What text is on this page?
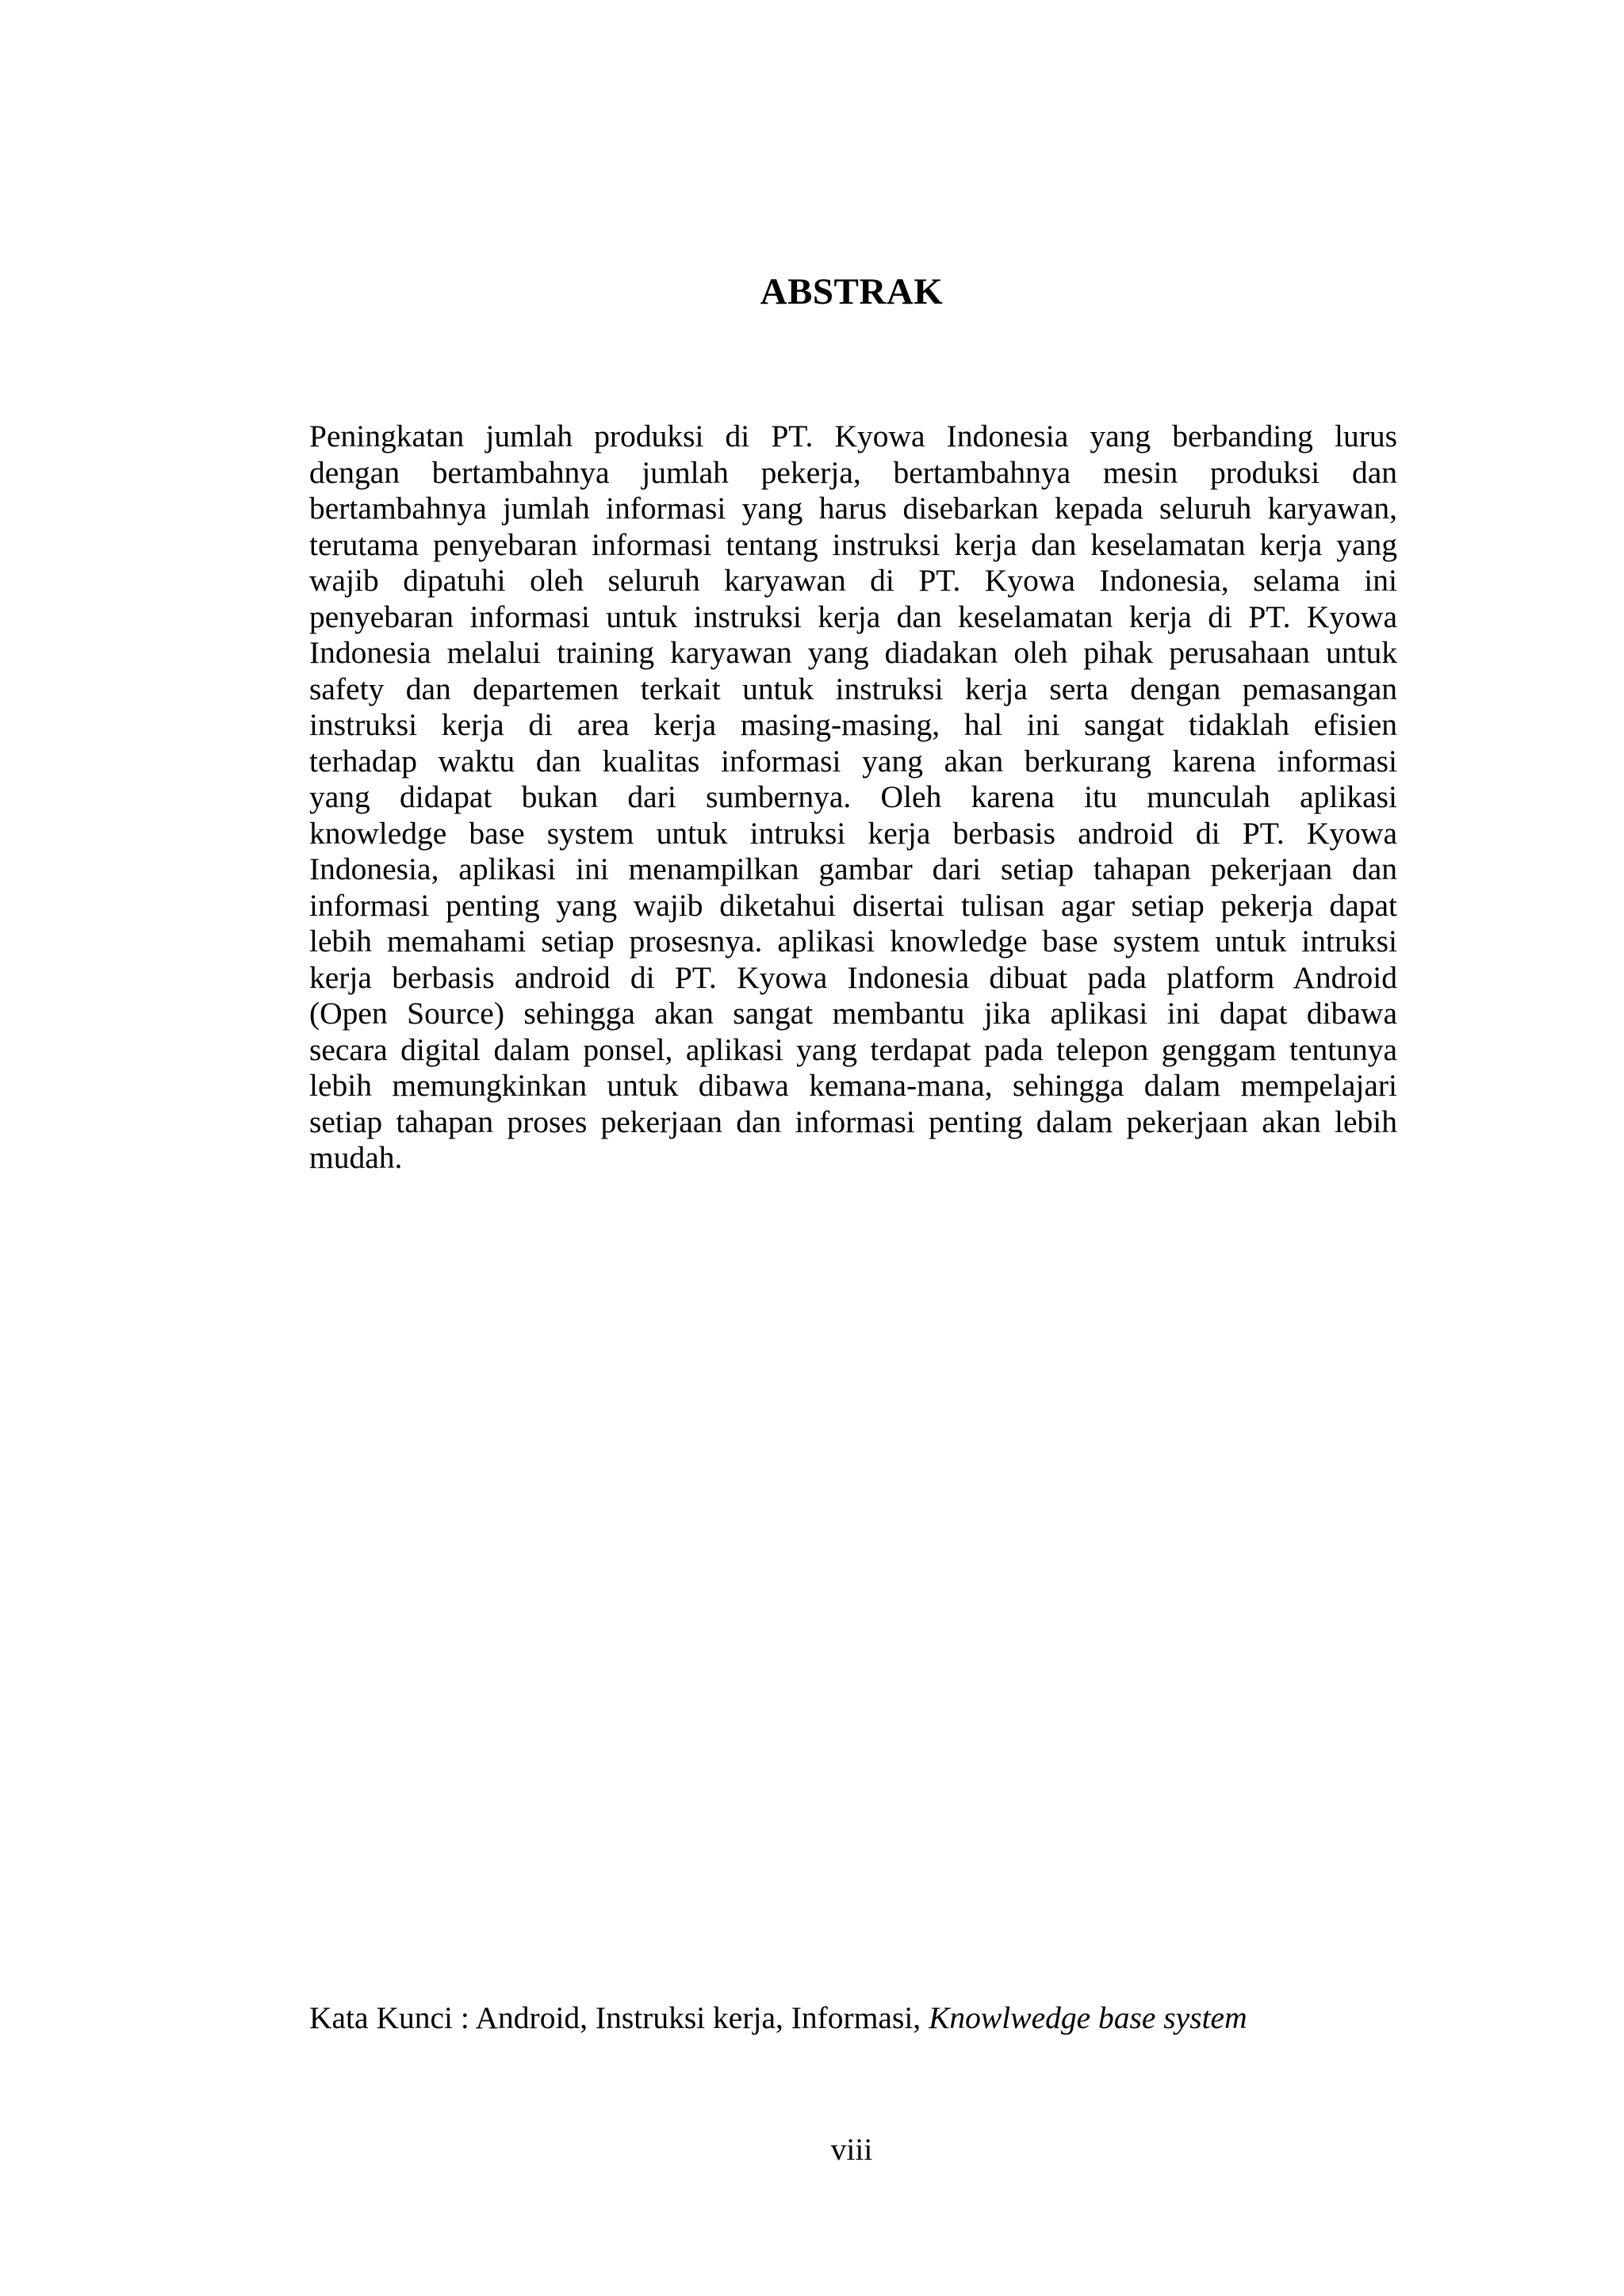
ABSTRAK
Peningkatan jumlah produksi di PT. Kyowa Indonesia yang berbanding lurus
dengan bertambahnya jumlah pekerja, bertambahnya mesin produksi dan
bertambahnya jumlah informasi yang harus disebarkan kepada seluruh karyawan,
terutama penyebaran informasi tentang instruksi kerja dan keselamatan kerja yang
wajib dipatuhi oleh seluruh karyawan di PT. Kyowa Indonesia, selama ini
penyebaran informasi untuk instruksi kerja dan keselamatan kerja di PT. Kyowa
Indonesia melalui training karyawan yang diadakan oleh pihak perusahaan untuk
safety dan departemen terkait untuk instruksi kerja serta dengan pemasangan
instruksi kerja di area kerja masing-masing, hal ini sangat tidaklah efisien
terhadap waktu dan kualitas informasi yang akan berkurang karena informasi
yang didapat bukan dari sumbernya. Oleh karena itu munculah aplikasi
knowledge base system untuk intruksi kerja berbasis android di PT. Kyowa
Indonesia, aplikasi ini menampilkan gambar dari setiap tahapan pekerjaan dan
informasi penting yang wajib diketahui disertai tulisan agar setiap pekerja dapat
lebih memahami setiap prosesnya. aplikasi knowledge base system untuk intruksi
kerja berbasis android di PT. Kyowa Indonesia dibuat pada platform Android
(Open Source) sehingga akan sangat membantu jika aplikasi ini dapat dibawa
secara digital dalam ponsel, aplikasi yang terdapat pada telepon genggam tentunya
lebih memungkinkan untuk dibawa kemana-mana, sehingga dalam mempelajari
setiap tahapan proses pekerjaan dan informasi penting dalam pekerjaan akan lebih
mudah.
Kata Kunci : Android, Instruksi kerja, Informasi, Knowlwedge base system
viii
